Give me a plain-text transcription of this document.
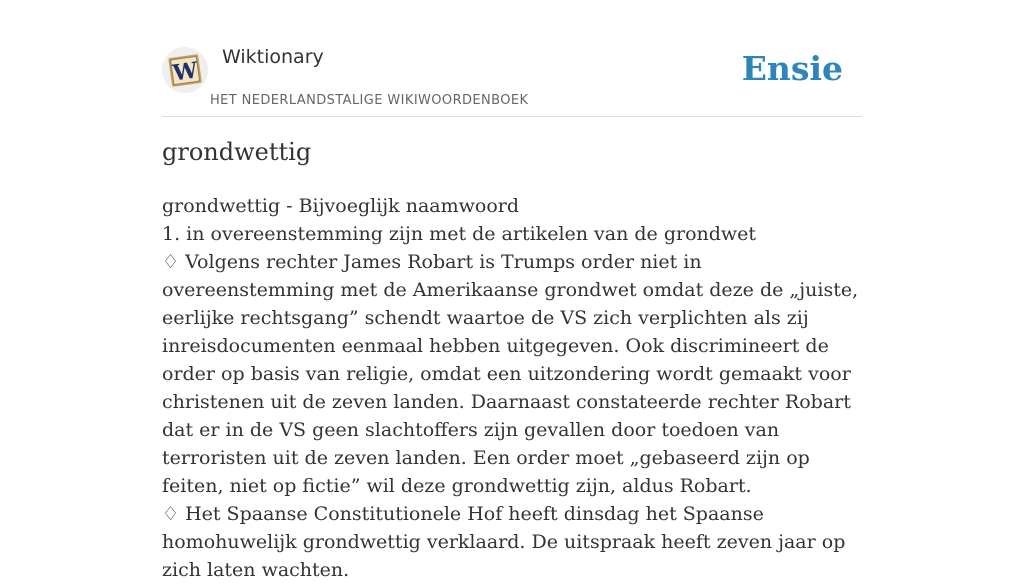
W
Wiktionary
HET NEDERLANDSTALIGE WIKIWOORDENBOEK
Ensie
grondwettig

grondwettig - Bijvoeglijk naamwoord

1. in overeenstemming zijn met de artikelen van de grondwet

♢ Volgens rechter James Robart is Trumps order niet in overeenstemming met de Amerikaanse grondwet omdat deze de „juiste, eerlijke rechtsgang” schendt waartoe de VS zich verplichten als zij inreisdocumenten eenmaal hebben uitgegeven. Ook discrimineert de order op basis van religie, omdat een uitzondering wordt gemaakt voor christenen uit de zeven landen. Daarnaast constateerde rechter Robart dat er in de VS geen slachtoffers zijn gevallen door toedoen van terroristen uit de zeven landen. Een order moet „gebaseerd zijn op feiten, niet op fictie” wil deze grondwettig zijn, aldus Robart.

♢ Het Spaanse Constitutionele Hof heeft dinsdag het Spaanse homohuwelijk grondwettig verklaard. De uitspraak heeft zeven jaar op zich laten wachten.
